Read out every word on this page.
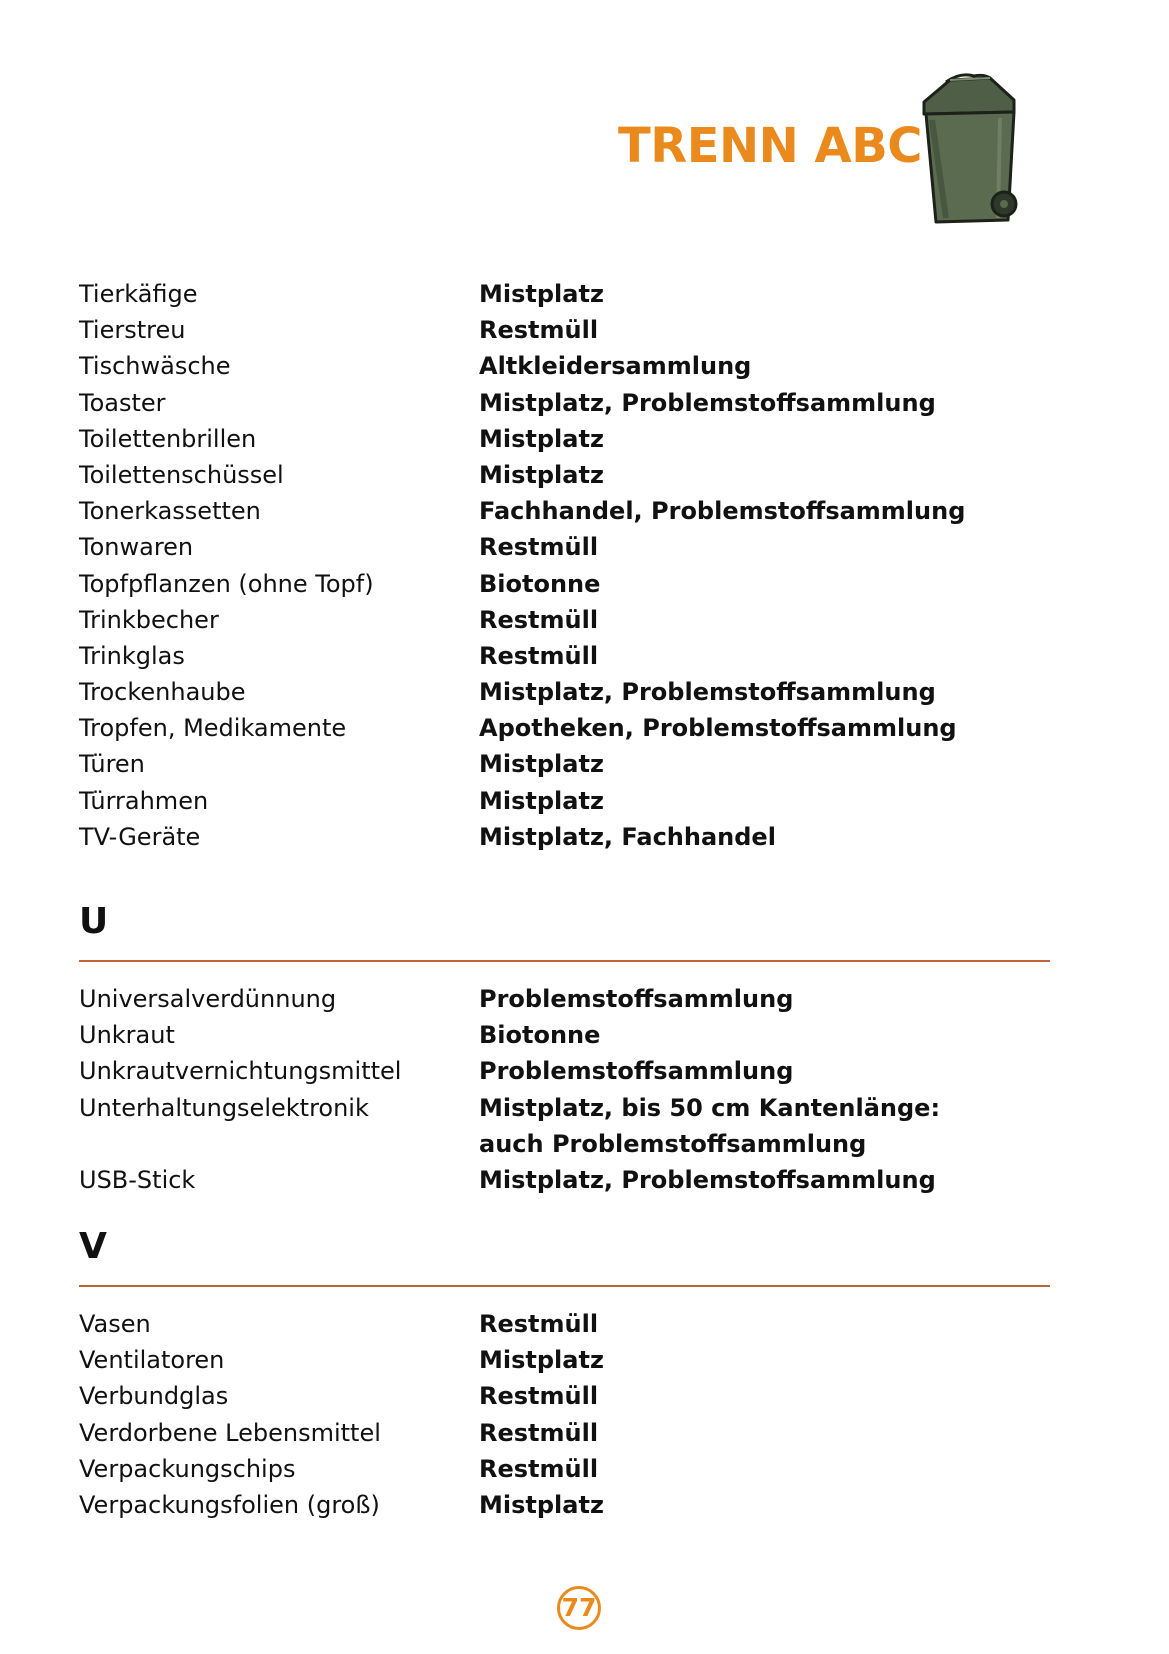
TRENN ABC
Tierkäfige	Mistplatz
Tierstreu	Restmüll
Tischwäsche	Altkleidersammlung
Toaster	Mistplatz, Problemstoffsammlung
Toilettenbrillen	Mistplatz
Toilettenschüssel	Mistplatz
Tonerkassetten	Fachhandel, Problemstoffsammlung
Tonwaren	Restmüll
Topfpflanzen (ohne Topf)	Biotonne
Trinkbecher	Restmüll
Trinkglas	Restmüll
Trockenhaube	Mistplatz, Problemstoffsammlung
Tropfen, Medikamente	Apotheken, Problemstoffsammlung
Türen	Mistplatz
Türrahmen	Mistplatz
TV-Geräte	Mistplatz, Fachhandel
U
Universalverdünnung	Problemstoffsammlung
Unkraut	Biotonne
Unkrautvernichtungsmittel	Problemstoffsammlung
Unterhaltungselektronik	Mistplatz, bis 50 cm Kantenlänge:
auch Problemstoffsammlung
USB-Stick	Mistplatz, Problemstoffsammlung
V
Vasen	Restmüll
Ventilatoren	Mistplatz
Verbundglas	Restmüll
Verdorbene Lebensmittel	Restmüll
Verpackungschips	Restmüll
Verpackungsfolien (groß)	Mistplatz
77
